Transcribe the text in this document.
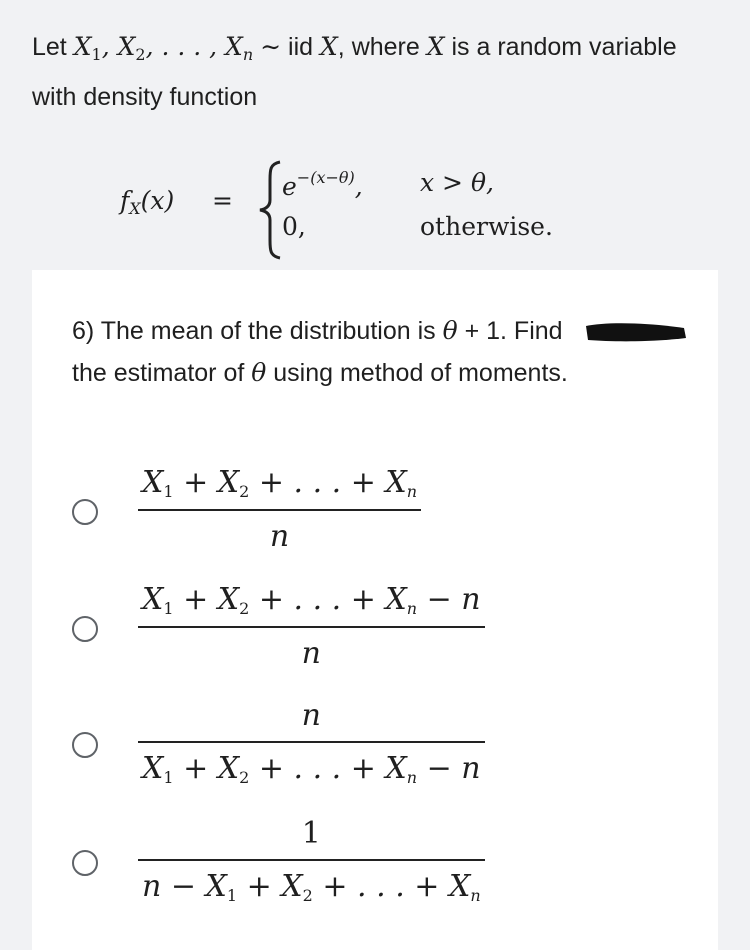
Let $X_1$, $X_2$, . . . , $X_n$ ∼ iid X, where X is a random variable with density function
$f_X(x) = e^{-(x-\theta)}$, x > θ,
0,	otherwise.
6) The mean of the distribution is θ + 1. Find the estimator of θ using method of moments.
$X_1 + X_2$ + . . . + $X_n$
n
$X_1 + X_2$ + . . . + $X_n - n$
n
n
$X_1 + X_2$ + . . . + $X_n - n$
1
$n - X_1 + X_2$ + . . . + $X_n$
